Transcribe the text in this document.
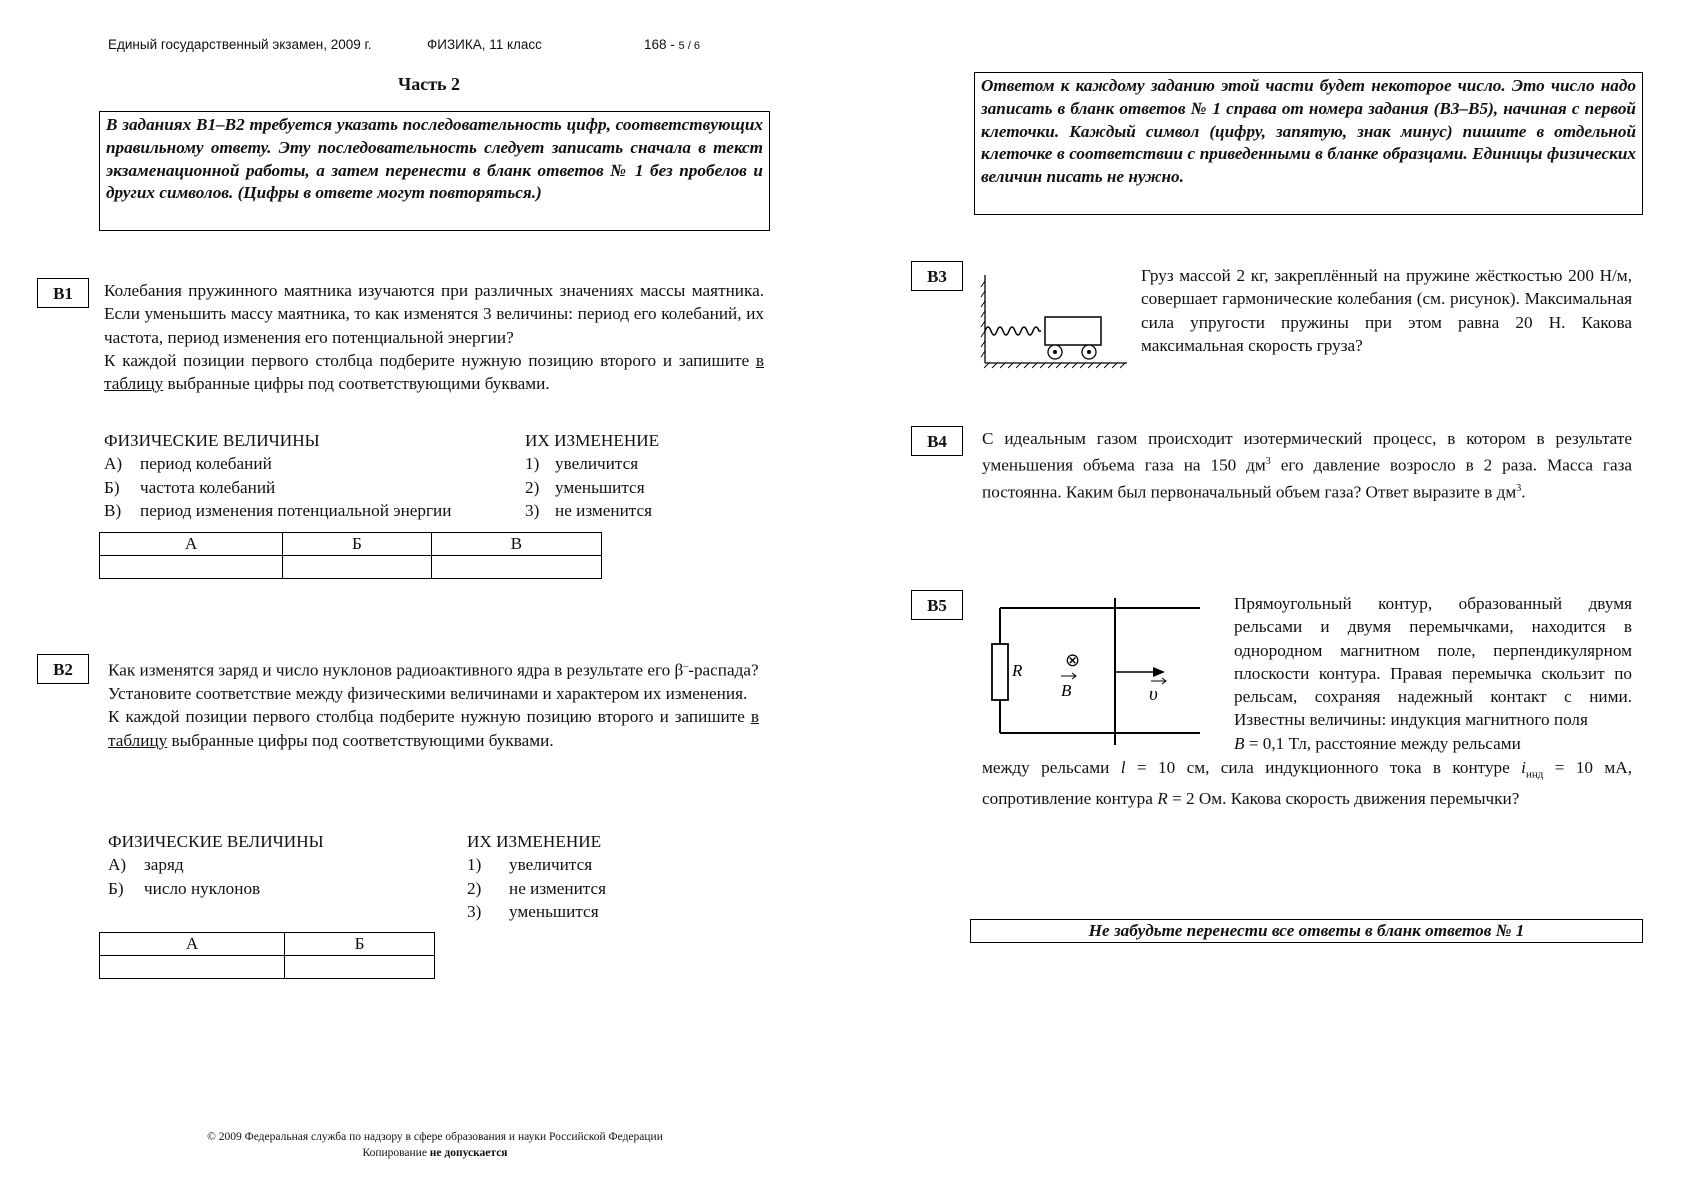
Единый государственный экзамен, 2009 г.	ФИЗИКА, 11 класс	168 - 5 / 6
Часть 2
В заданиях В1–В2 требуется указать последовательность цифр, соответствующих правильному ответу. Эту последовательность следует записать сначала в текст экзаменационной работы, а затем перенести в бланк ответов № 1 без пробелов и других символов. (Цифры в ответе могут повторяться.)
Ответом к каждому заданию этой части будет некоторое число. Это число надо записать в бланк ответов № 1 справа от номера задания (В3–В5), начиная с первой клеточки. Каждый символ (цифру, запятую, знак минус) пишите в отдельной клеточке в соответствии с приведенными в бланке образцами. Единицы физических величин писать не нужно.
B1	Колебания пружинного маятника изучаются при различных значениях массы маятника. Если уменьшить массу маятника, то как изменятся 3 величины: период его колебаний, их частота, период изменения его потенциальной энергии?

К каждой позиции первого столбца подберите нужную позицию второго и запишите в таблицу выбранные цифры под соответствующими буквами.

ФИЗИЧЕСКИЕ ВЕЛИЧИНЫ
А)	период колебаний
Б)	частота колебаний
В)	период изменения потенциальной энергии
ИХ ИЗМЕНЕНИЕ
1) увеличится
2) уменьшится
3) не изменится
А	Б	В

B2	Как изменятся заряд и число нуклонов радиоактивного ядра в результате его β–-распада?

Установите соответствие между физическими величинами и характером их изменения.

К каждой позиции первого столбца подберите нужную позицию второго и запишите в таблицу выбранные цифры под соответствующими буквами.

ФИЗИЧЕСКИЕ ВЕЛИЧИНЫ
А)	заряд
Б)	число нуклонов
ИХ ИЗМЕНЕНИЕ
1)	увеличится
2)	не изменится
3)	уменьшится
А	Б

B3	Груз массой 2 кг, закреплённый на пружине жёсткостью 200 Н/м, совершает гармонические колебания (см. рисунок). Максимальная сила упругости пружины при этом равна 20 Н. Какова максимальная скорость груза?
B4	С идеальным газом происходит изотермический процесс, в котором в результате уменьшения объема газа на 150 $дм^3$ его давление возросло в 2 раза. Масса газа постоянна. Каким был первоначальный объем газа? Ответ выразите в $дм^3$.
B5
R ⊗
B	υ
Прямоугольный контур, образованный двумя рельсами и двумя перемычками, находится в однородном магнитном поле, перпендикулярном плоскости контура. Правая перемычка скользит по рельсам, сохраняя надежный контакт с ними. Известны величины: индукция магнитного поля
B = 0,1 Тл, расстояние между рельсами
между рельсами l = 10 см, сила индукционного тока в контуре $i_{инд} = 10$ мА, сопротивление контура R = 2 Ом. Какова скорость движения перемычки?
Не забудьте перенести все ответы в бланк ответов № 1
© 2009 Федеральная служба по надзору в сфере образования и науки Российской Федерации
Копирование не допускается
